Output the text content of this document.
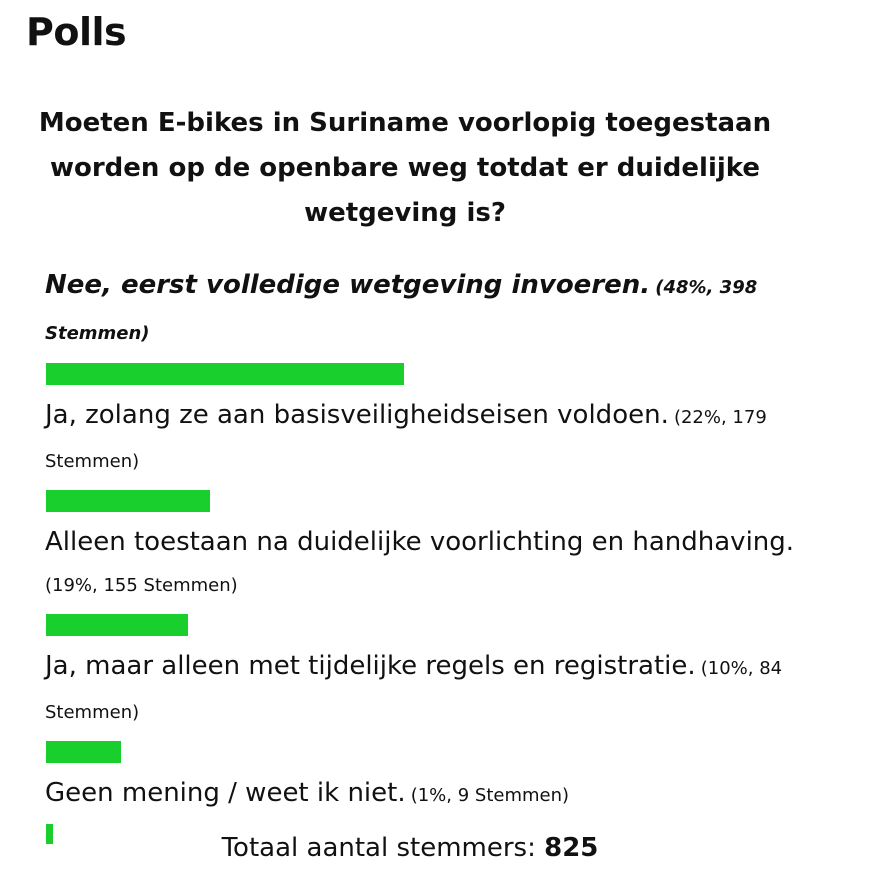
Polls

Moeten E-bikes in Suriname voorlopig toegestaan worden op de openbare weg totdat er duidelijke wetgeving is?

Nee, eerst volledige wetgeving invoeren. (48%, 398 Stemmen)
Ja, zolang ze aan basisveiligheidseisen voldoen. (22%, 179 Stemmen)
Alleen toestaan na duidelijke voorlichting en handhaving. (19%, 155 Stemmen)
Ja, maar alleen met tijdelijke regels en registratie. (10%, 84 Stemmen)
Geen mening / weet ik niet. (1%, 9 Stemmen)
Totaal aantal stemmers: 825
